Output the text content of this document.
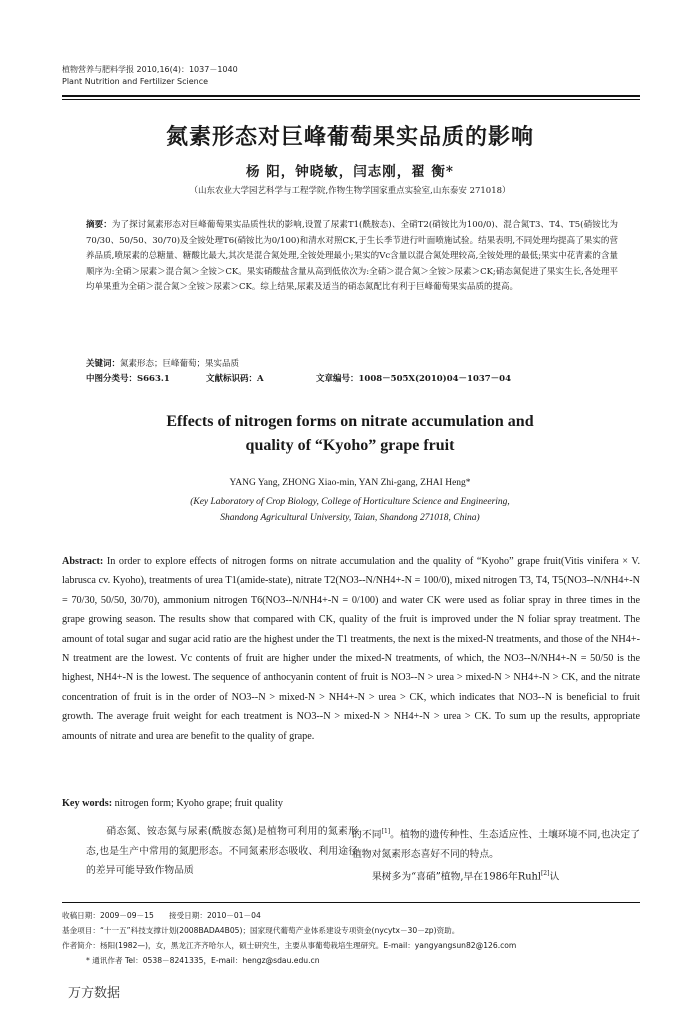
植物营养与肥料学报 2010,16(4)：1037－1040
Plant Nutrition and Fertilizer Science
氮素形态对巨峰葡萄果实品质的影响
杨 阳，钟晓敏，闫志刚，翟 衡*
（山东农业大学园艺科学与工程学院,作物生物学国家重点实验室,山东泰安 271018）
摘要：为了探讨氮素形态对巨峰葡萄果实品质性状的影响,设置了尿素T1(酰胺态)、全硝T2(硝铵比为100/0)、混合氮T3、T4、T5(硝铵比为70/30、50/50、30/70)及全铵处理T6(硝铵比为0/100)和清水对照CK,于生长季节进行叶面喷施试验。结果表明,不同处理均提高了果实的营养品质,喷尿素的总糖量、糖酸比最大,其次是混合氮处理,全铵处理最小;果实的Vc含量以混合氮处理较高,全铵处理的最低;果实中花青素的含量顺序为:全硝＞尿素＞混合氮＞全铵＞CK。果实硝酸盐含量从高到低依次为:全硝＞混合氮＞全铵＞尿素＞CK;硝态氮促进了果实生长,各处理平均单果重为全硝＞混合氮＞全铵＞尿素＞CK。综上结果,尿素及适当的硝态氮配比有利于巨峰葡萄果实品质的提高。
关键词：氮素形态；巨峰葡萄；果实品质
中图分类号：S663.1	文献标识码：A	文章编号：1008－505X(2010)04－1037－04
Effects of nitrogen forms on nitrate accumulation and
quality of “Kyoho” grape fruit
YANG Yang, ZHONG Xiao-min, YAN Zhi-gang, ZHAI Heng*
(Key Laboratory of Crop Biology, College of Horticulture Science and Engineering,
Shandong Agricultural University, Taian, Shandong 271018, China)
Abstract: In order to explore effects of nitrogen forms on nitrate accumulation and the quality of “Kyoho” grape fruit(Vitis vinifera × V. labrusca cv. Kyoho), treatments of urea T1(amide-state), nitrate T2(NO3--N/NH4+-N = 100/0), mixed nitrogen T3, T4, T5(NO3--N/NH4+-N = 70/30, 50/50, 30/70), ammonium nitrogen T6(NO3--N/NH4+-N = 0/100) and water CK were used as foliar spray in three times in the grape growing season. The results show that compared with CK, quality of the fruit is improved under the N foliar spray treatment. The amount of total sugar and sugar acid ratio are the highest under the T1 treatments, the next is the mixed-N treatments, and those of the NH4+-N treatment are the lowest. Vc contents of fruit are higher under the mixed-N treatments, of which, the NO3--N/NH4+-N = 50/50 is the highest, NH4+-N is the lowest. The sequence of anthocyanin content of fruit is NO3--N > urea > mixed-N > NH4+-N > CK, and the nitrate concentration of fruit is in the order of NO3--N > mixed-N > NH4+-N > urea > CK, which indicates that NO3--N is beneficial to fruit growth. The average fruit weight for each treatment is NO3--N > mixed-N > NH4+-N > urea > CK. To sum up the results, appropriate amounts of nitrate and urea are benefit to the quality of grape.
Key words: nitrogen form; Kyoho grape; fruit quality
硝态氮、铵态氮与尿素(酰胺态氮)是植物可利用的氮素形态,也是生产中常用的氮肥形态。不同氮素形态吸收、利用途径的差异可能导致作物品质
的不同[1]。植物的遗传种性、生态适应性、土壤环境不同,也决定了植物对氮素形态喜好不同的特点。
果树多为“喜硝”植物,早在1986年Ruhl[2]认
收稿日期：2009－09－15　　接受日期：2010－01－04
基金项目：“十一五”科技支撑计划(2008BADA4B05)；国家现代葡萄产业体系建设专项资金(nycytx－30－zp)资助。
作者简介：杨阳(1982—)，女，黑龙江齐齐哈尔人，硕士研究生，主要从事葡萄栽培生理研究。E-mail：yangyangsun82@126.com
* 通讯作者 Tel：0538－8241335，E-mail：hengz@sdau.edu.cn
万方数据
